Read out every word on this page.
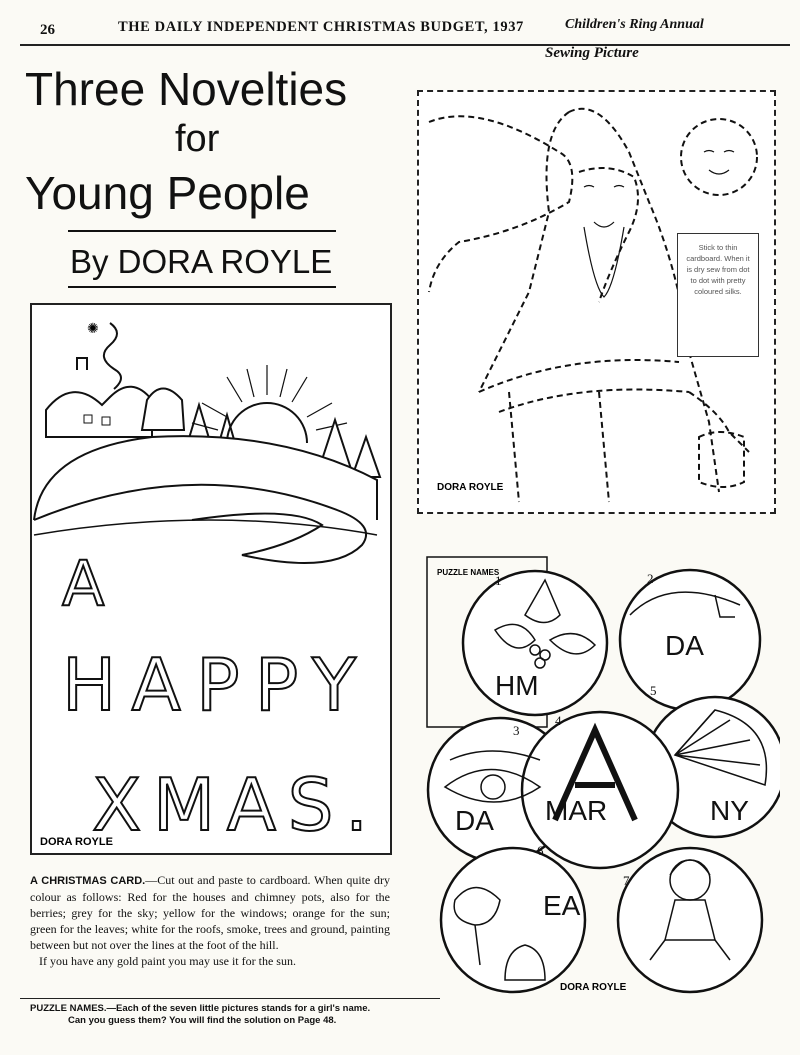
26	THE DAILY INDEPENDENT CHRISTMAS BUDGET, 1937	Children's Ring Annual
Three Novelties
for
Young People
By DORA ROYLE
✺
A
HAPPY
XMAS.
DORA ROYLE
A CHRISTMAS CARD.—Cut out and paste to cardboard. When quite dry colour as follows: Red for the houses and chimney pots, also for the berries; grey for the sky; yellow for the windows; orange for the sun; green for the leaves; white for the roofs, smoke, trees and ground, painting between but not over the lines at the foot of the hill.
If you have any gold paint you may use it for the sun.
Sewing Picture
DORA ROYLE
Stick to thin cardboard. When it is dry sew from dot to dot with pretty coloured silks.
PUZZLE NAMES
1	2
3
4
5
6
7
HM
DA
DA MAR	NY
EA
DORA ROYLE
PUZZLE NAMES.—Each of the seven little pictures stands for a girl's name.
Can you guess them? You will find the solution on Page 48.
